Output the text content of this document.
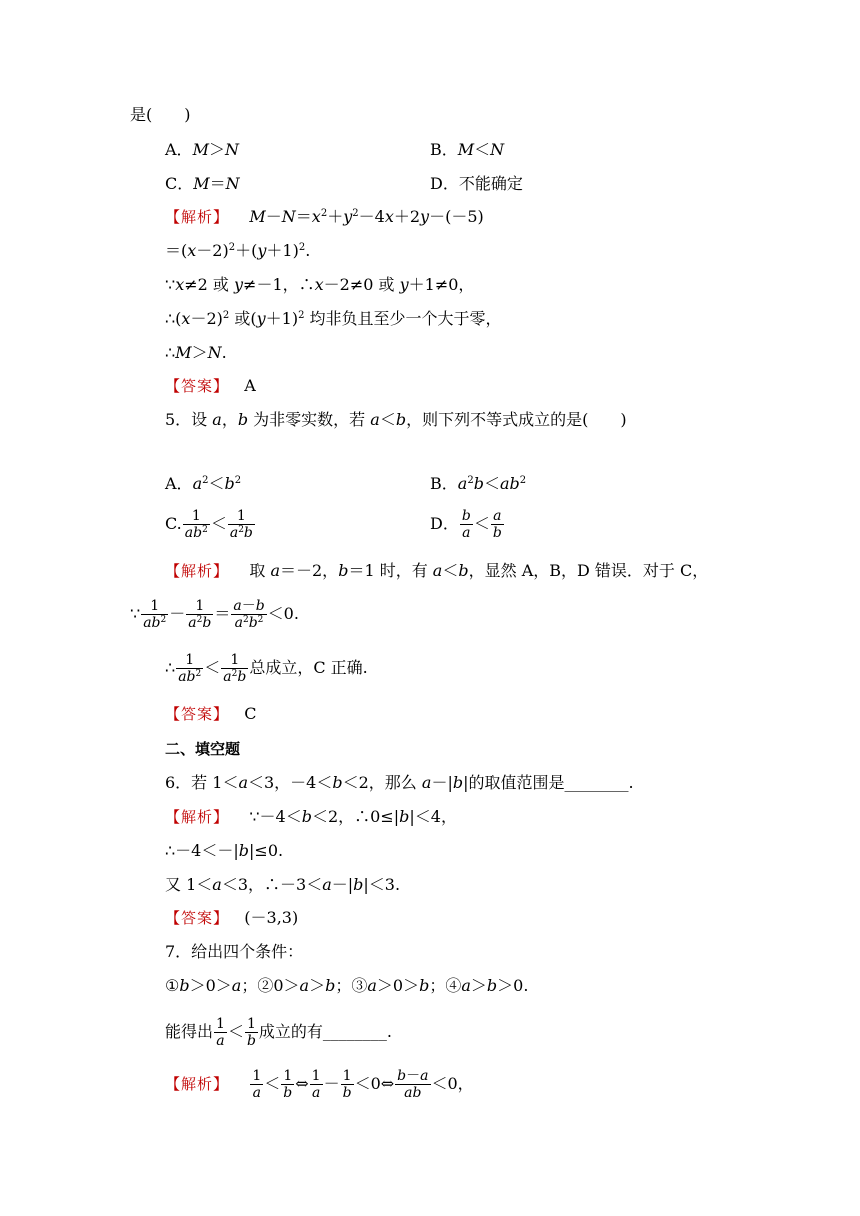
是(　　)
A．M＞N	B．M＜N
C．M＝N	D．不能确定
【解析】 $M-N=x^2+y^2-4x+2y-(-5)$
$=(x-2)^2+(y+1)^2$.
∵x≠2 或 y≠－1，∴x－2≠0 或 y＋1≠0，
$\therefore(x-2)^2$ 或$(y+1)^2$ 均非负且至少一个大于零，
∴M＞N.
【答案】 A
5．设 a，b 为非零实数，若 a＜b，则下列不等式成立的是(　　)
A．$a^2<b^2$	B．$a^2b<ab^2$
C. $\frac{1}{ab^2} < \frac{1}{a^2b}$	D． $\frac{b}{a} < \frac{a}{b}$
【解析】    取 a＝－2，b＝1 时，有 a＜b，显然 A，B，D 错误．对于 C，
∵ $\frac{1}{ab^2} - \frac{1}{a^2b} = \frac{a-b}{a^2b^2} <0$.
∴ $\frac{1}{ab^2} < \frac{1}{a^2b}$ 总成立，C 正确.
【答案】 C
二、填空题
6．若 1＜a＜3，－4＜b＜2，那么 a－|b|的取值范围是________.
【解析】    ∵－4＜b＜2，∴0≤|b|＜4，
∴－4＜－|b|≤0.
又 1＜a＜3，∴－3＜a－|b|＜3.
【答案】 (－3,3)
7．给出四个条件：
①b＞0＞a；②0＞a＞b；③a＞0＞b；④a＞b＞0.
能得出 $\frac{1}{a} < \frac{1}{b}$ 成立的有________.
【解析】 $\frac{1}{a} < \frac{1}{b}$ ⇔ $\frac{1}{a} - \frac{1}{b}$ ＜0⇔ $\frac{b-a}{ab} <0$，
